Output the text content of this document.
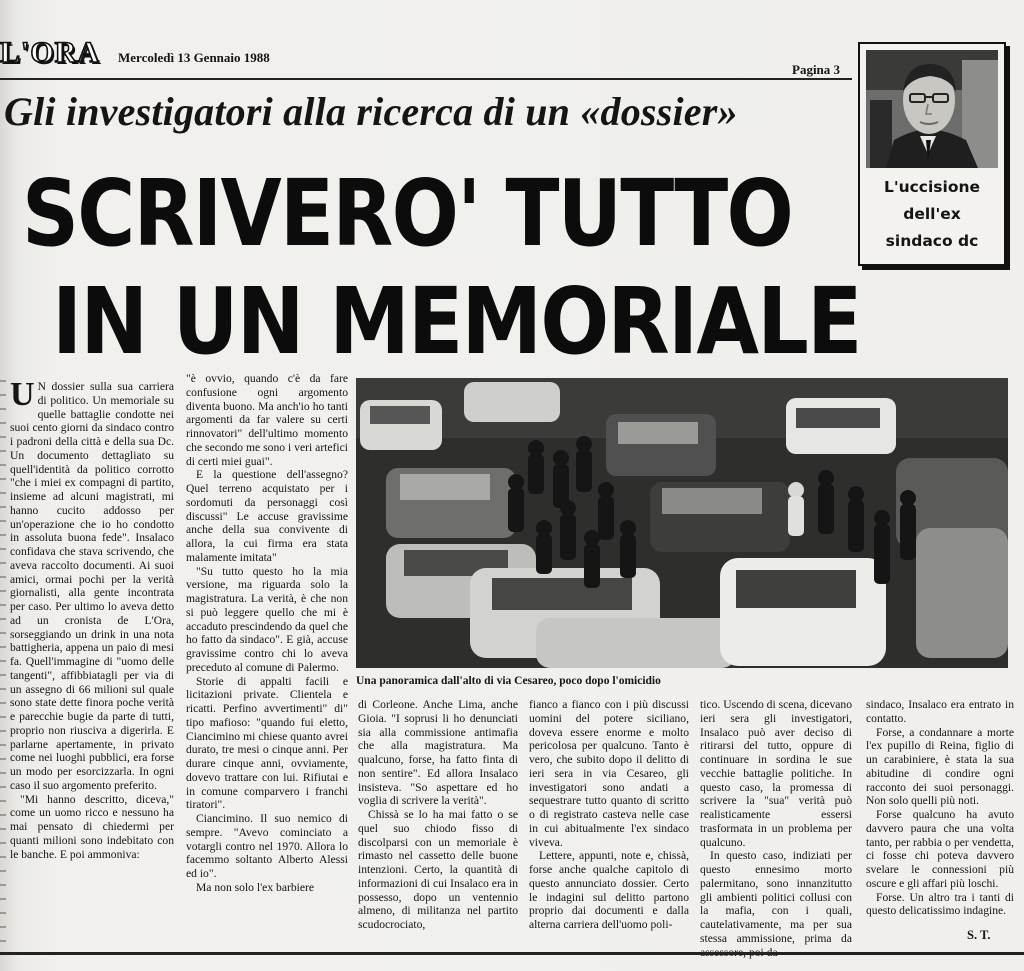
L'ORA Mercoledì 13 Gennaio 1988
Pagina 3
Gli investigatori alla ricerca di un «dossier»
SCRIVERO' TUTTO
IN UN MEMORIALE
L'uccisione
dell'ex
sindaco dc

U N dossier sulla sua carriera di politico. Un memoriale su quelle battaglie condotte nei suoi cento giorni da sindaco contro i padroni della città e della sua Dc. Un documento dettagliato su quell'identità da politico corrotto "che i miei ex compagni di partito, insieme ad alcuni magistrati, mi hanno cucito addosso per un'operazione che io ho condotto in assoluta buona fede". Insalaco confidava che stava scrivendo, che aveva raccolto documenti. Ai suoi amici, ormai pochi per la verità giornalisti, alla gente incontrata per caso. Per ultimo lo aveva detto ad un cronista de L'Ora, sorseggiando un drink in una nota battigheria, appena un paio di mesi fa. Quell'immagine di "uomo delle tangenti", affibbiatagli per via di un assegno di 66 milioni sul quale sono state dette finora poche verità e parecchie bugie da parte di tutti, proprio non riusciva a digerirla. E parlarne apertamente, in privato come nei luoghi pubblici, era forse un modo per esorcizzarla. In ogni caso il suo argomento preferito.

"Mi hanno descritto, diceva," come un uomo ricco e nessuno ha mai pensato di chiedermi per quanti milioni sono indebitato con le banche. E poi ammoniva:

"è ovvio, quando c'è da fare confusione ogni argomento diventa buono. Ma anch'io ho tanti argomenti da far valere su certi rinnovatori" dell'ultimo momento che secondo me sono i veri artefici di certi miei guai".

E la questione dell'assegno? Quel terreno acquistato per i sordomuti da personaggi così discussi" Le accuse gravissime anche della sua convivente di allora, la cui firma era stata malamente imitata"

"Su tutto questo ho la mia versione, ma riguarda solo la magistratura. La verità, è che non si può leggere quello che mi è accaduto prescindendo da quel che ho fatto da sindaco". E già, accuse gravissime contro chi lo aveva preceduto al comune di Palermo.

Storie di appalti facili e licitazioni private. Clientela e ricatti. Perfino avvertimenti" di" tipo mafioso: "quando fui eletto, Ciancimino mi chiese quanto avrei durato, tre mesi o cinque anni. Per durare cinque anni, ovviamente, dovevo trattare con lui. Rifiutai e in comune comparvero i franchi tiratori".

Ciancimino. Il suo nemico di sempre. "Avevo cominciato a votargli contro nel 1970. Allora lo facemmo soltanto Alberto Alessi ed io".

Ma non solo l'ex barbiere

Una panoramica dall'alto di via Cesareo, poco dopo l'omicidio

di Corleone. Anche Lima, anche Gioia. "I soprusi li ho denunciati sia alla commissione antimafia che alla magistratura. Ma qualcuno, forse, ha fatto finta di non sentire". Ed allora Insalaco insisteva. "So aspettare ed ho voglia di scrivere la verità".

Chissà se lo ha mai fatto o se quel suo chiodo fisso di discolparsi con un memoriale è rimasto nel cassetto delle buone intenzioni. Certo, la quantità di informazioni di cui Insalaco era in possesso, dopo un ventennio almeno, di militanza nel partito scudocrociato,

fianco a fianco con i più discussi uomini del potere siciliano, doveva essere enorme e molto pericolosa per qualcuno. Tanto è vero, che subito dopo il delitto di ieri sera in via Cesareo, gli investigatori sono andati a sequestrare tutto quanto di scritto o di registrato casteva nelle case in cui abitualmente l'ex sindaco viveva.

Lettere, appunti, note e, chissà, forse anche qualche capitolo di questo annunciato dossier. Certo le indagini sul delitto partono proprio dai documenti e dalla alterna carriera dell'uomo poli-

tico. Uscendo di scena, dicevano ieri sera gli investigatori, Insalaco può aver deciso di ritirarsi del tutto, oppure di continuare in sordina le sue vecchie battaglie politiche. In questo caso, la promessa di scrivere la "sua" verità può realisticamente essersi trasformata in un problema per qualcuno.

In questo caso, indiziati per questo ennesimo morto palermitano, sono innanzitutto gli ambienti politici collusi con la mafia, con i quali, cautelativamente, ma per sua stessa ammissione, prima da

sindaco, Insalaco era entrato in contatto.

Forse, a condannare a morte l'ex pupillo di Reina, figlio di un carabiniere, è stata la sua abitudine di condire ogni racconto dei suoi personaggi. Non solo quelli più noti.

Forse qualcuno ha avuto davvero paura che una volta tanto, per rabbia o per vendetta, ci fosse chi poteva davvero svelare le connessioni più oscure e gli affari più loschi.

Forse. Un altro tra i tanti di questo delicatissimo indagine.

S. T.
